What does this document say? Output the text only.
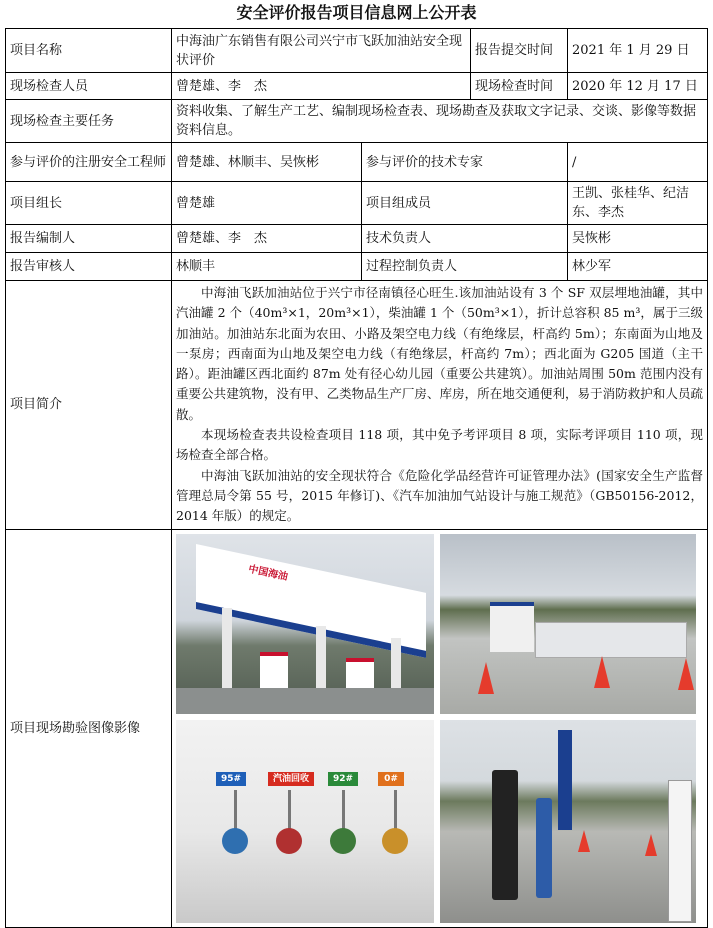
安全评价报告项目信息网上公开表
项目名称	中海油广东销售有限公司兴宁市飞跃加油站安全现状评价		报告提交时间	2021 年 1 月 29 日
现场检查人员	曾楚雄、李　杰		现场检查时间	2020 年 12 月 17 日
现场检查主要任务	资料收集、了解生产工艺、编制现场检查表、现场勘查及获取文字记录、交谈、影像等数据资料信息。			
参与评价的注册安全工程师	曾楚雄、林顺丰、吴恢彬	参与评价的技术专家		/
项目组长	曾楚雄	项目组成员		王凯、张桂华、纪洁东、李杰
报告编制人	曾楚雄、李　杰	技术负责人		吴恢彬
报告审核人	林顺丰	过程控制负责人		林少军
项目简介	中海油飞跃加油站位于兴宁市径南镇径心旺生.该加油站设有 3 个 SF 双层埋地油罐，其中汽油罐 2 个（40m³×1，20m³×1），柴油罐 1 个（50m³×1），折计总容积 85 m³，属于三级加油站。加油站东北面为农田、小路及架空电力线（有绝缘层，杆高约 5m）；东南面为山地及一泵房；西南面为山地及架空电力线（有绝缘层，杆高约 7m）；西北面为 G205 国道（主干路）。距油罐区西北面约 87m 处有径心幼儿园（重要公共建筑）。加油站周围 50m 范围内没有重要公共建筑物，没有甲、乙类物品生产厂房、库房，所在地交通便利，易于消防救护和人员疏散。

本现场检查表共设检查项目 118 项，其中免予考评项目 8 项，实际考评项目 110 项，现场检查全部合格。

中海油飞跃加油站的安全现状符合《危险化学品经营许可证管理办法》(国家安全生产监督管理总局令第 55 号，2015 年修订)、《汽车加油加气站设计与施工规范》（GB50156-2012，2014 年版）的规定。			

项目现场勘验图像影像	中国海油
95# 汽油回收 92# 0#			
